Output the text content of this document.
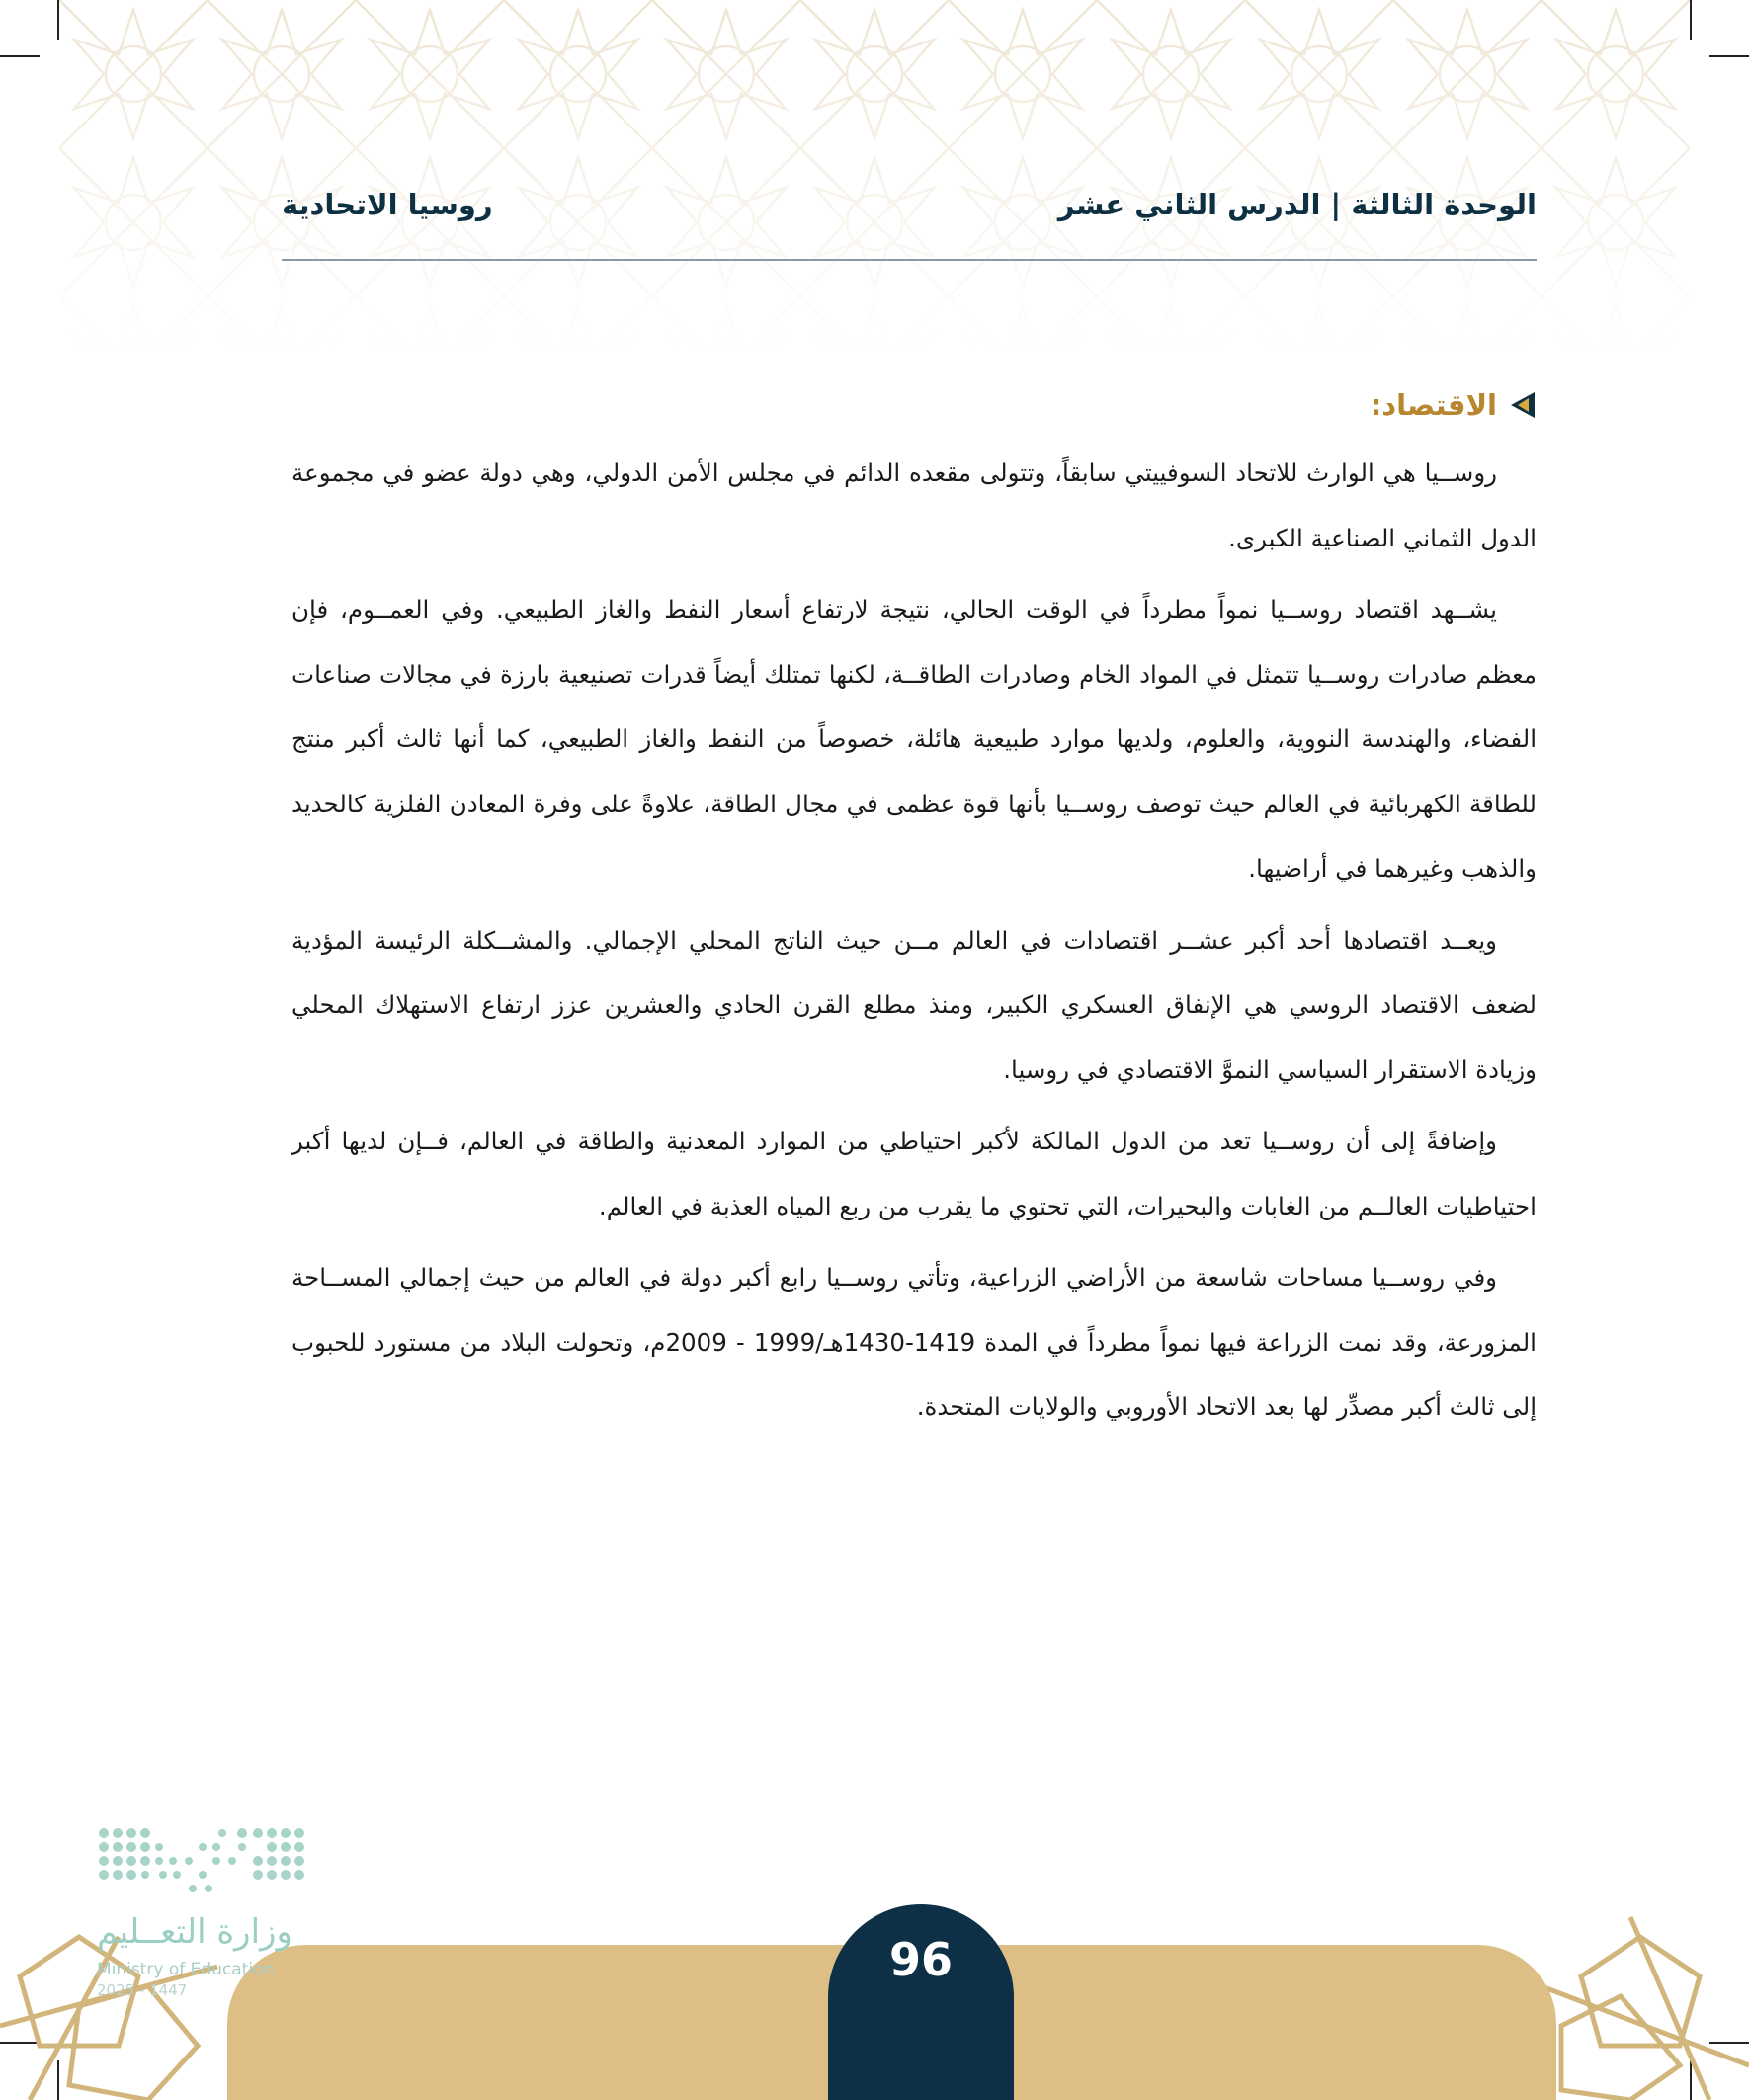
الوحدة الثالثة | الدرس الثاني عشر
روسيا الاتحادية
الاقتصاد:

روســيا هي الوارث للاتحاد السوفييتي سابقاً، وتتولى مقعده الدائم في مجلس الأمن الدولي، وهي دولة عضو في مجموعة الدول الثماني الصناعية الكبرى.

يشــهد اقتصاد روســيا نمواً مطرداً في الوقت الحالي، نتيجة لارتفاع أسعار النفط والغاز الطبيعي. وفي العمــوم، فإن معظم صادرات روســيا تتمثل في المواد الخام وصادرات الطاقــة، لكنها تمتلك أيضاً قدرات تصنيعية بارزة في مجالات صناعات الفضاء، والهندسة النووية، والعلوم، ولديها موارد طبيعية هائلة، خصوصاً من النفط والغاز الطبيعي، كما أنها ثالث أكبر منتج للطاقة الكهربائية في العالم حيث توصف روســيا بأنها قوة عظمى في مجال الطاقة، علاوةً على وفرة المعادن الفلزية كالحديد والذهب وغيرهما في أراضيها.

ويعــد اقتصادها أحد أكبر عشــر اقتصادات في العالم مــن حيث الناتج المحلي الإجمالي. والمشــكلة الرئيسة المؤدية لضعف الاقتصاد الروسي هي الإنفاق العسكري الكبير، ومنذ مطلع القرن الحادي والعشرين عزز ارتفاع الاستهلاك المحلي وزيادة الاستقرار السياسي النموَّ الاقتصادي في روسيا.

وإضافةً إلى أن روســيا تعد من الدول المالكة لأكبر احتياطي من الموارد المعدنية والطاقة في العالم، فــإن لديها أكبر احتياطيات العالــم من الغابات والبحيرات، التي تحتوي ما يقرب من ربع المياه العذبة في العالم.

وفي روســيا مساحات شاسعة من الأراضي الزراعية، وتأتي روســيا رابع أكبر دولة في العالم من حيث إجمالي المســاحة المزورعة، وقد نمت الزراعة فيها نمواً مطرداً في المدة 1419-1430هـ/1999 - 2009م، وتحولت البلاد من مستورد للحبوب إلى ثالث أكبر مصدِّر لها بعد الاتحاد الأوروبي والولايات المتحدة.

96
وزارة التعــليم
Ministry of Education
2025 - 1447
